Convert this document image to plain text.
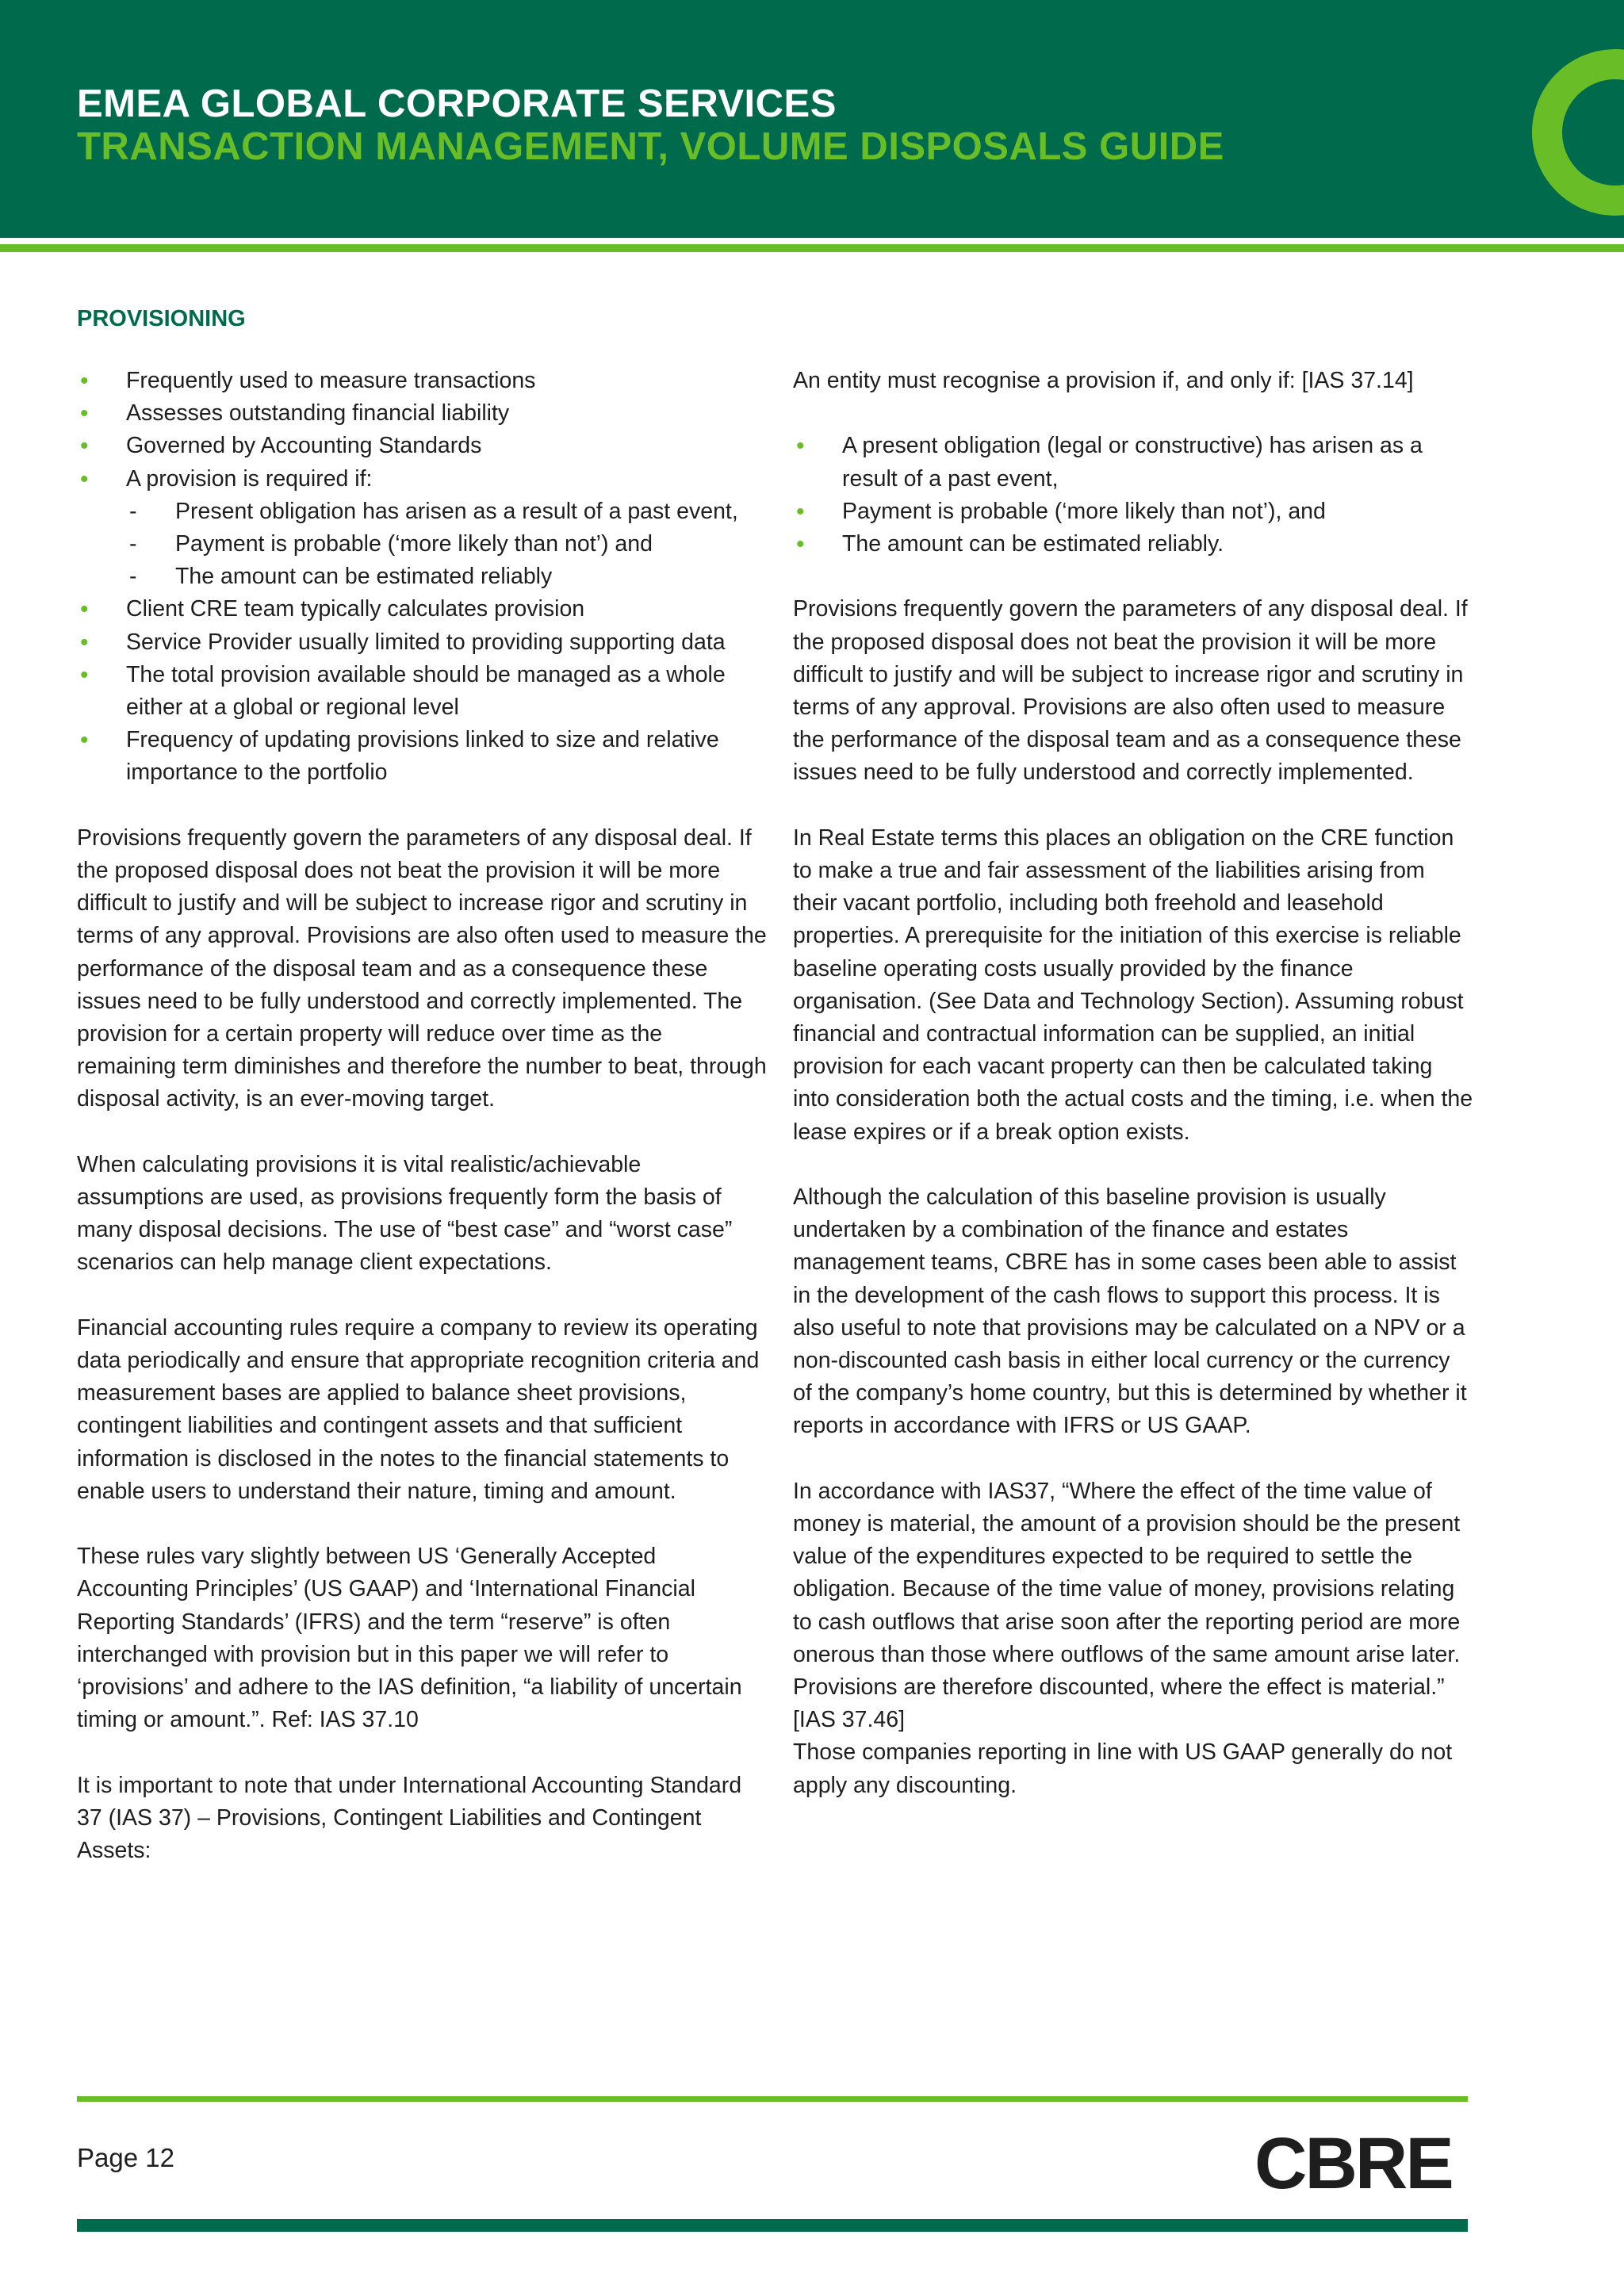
EMEA GLOBAL CORPORATE SERVICES
TRANSACTION MANAGEMENT, VOLUME DISPOSALS GUIDE
PROVISIONING
• Frequently used to measure transactions
• Assesses outstanding financial liability
• Governed by Accounting Standards
• A provision is required if:
- Present obligation has arisen as a result of a past event,
- Payment is probable (‘more likely than not’) and
- The amount can be estimated reliably
• Client CRE team typically calculates provision
• Service Provider usually limited to providing supporting data
• The total provision available should be managed as a whole either at a global or regional level
• Frequency of updating provisions linked to size and relative importance to the portfolio

Provisions frequently govern the parameters of any disposal deal. If the proposed disposal does not beat the provision it will be more difficult to justify and will be subject to increase rigor and scrutiny in terms of any approval. Provisions are also often used to measure the performance of the disposal team and as a consequence these issues need to be fully understood and correctly implemented. The provision for a certain property will reduce over time as the remaining term diminishes and therefore the number to beat, through disposal activity, is an ever-moving target.

When calculating provisions it is vital realistic/achievable assumptions are used, as provisions frequently form the basis of many disposal decisions. The use of “best case” and “worst case” scenarios can help manage client expectations.

Financial accounting rules require a company to review its operating data periodically and ensure that appropriate recognition criteria and measurement bases are applied to balance sheet provisions, contingent liabilities and contingent assets and that sufficient information is disclosed in the notes to the financial statements to enable users to understand their nature, timing and amount.

These rules vary slightly between US ‘Generally Accepted Accounting Principles’ (US GAAP) and ‘International Financial Reporting Standards’ (IFRS) and the term “reserve” is often interchanged with provision but in this paper we will refer to ‘provisions’ and adhere to the IAS definition, “a liability of uncertain timing or amount.”. Ref: IAS 37.10

It is important to note that under International Accounting Standard 37 (IAS 37) – Provisions, Contingent Liabilities and Contingent Assets:

An entity must recognise a provision if, and only if: [IAS 37.14]

• A present obligation (legal or constructive) has arisen as a result of a past event,
• Payment is probable (‘more likely than not’), and
• The amount can be estimated reliably.

Provisions frequently govern the parameters of any disposal deal. If the proposed disposal does not beat the provision it will be more difficult to justify and will be subject to increase rigor and scrutiny in terms of any approval. Provisions are also often used to measure the performance of the disposal team and as a consequence these issues need to be fully understood and correctly implemented.

In Real Estate terms this places an obligation on the CRE function to make a true and fair assessment of the liabilities arising from their vacant portfolio, including both freehold and leasehold properties. A prerequisite for the initiation of this exercise is reliable baseline operating costs usually provided by the finance organisation. (See Data and Technology Section). Assuming robust financial and contractual information can be supplied, an initial provision for each vacant property can then be calculated taking into consideration both the actual costs and the timing, i.e. when the lease expires or if a break option exists.

Although the calculation of this baseline provision is usually undertaken by a combination of the finance and estates management teams, CBRE has in some cases been able to assist in the development of the cash flows to support this process. It is also useful to note that provisions may be calculated on a NPV or a non-discounted cash basis in either local currency or the currency of the company’s home country, but this is determined by whether it reports in accordance with IFRS or US GAAP.

In accordance with IAS37, “Where the effect of the time value of money is material, the amount of a provision should be the present value of the expenditures expected to be required to settle the obligation. Because of the time value of money, provisions relating to cash outflows that arise soon after the reporting period are more onerous than those where outflows of the same amount arise later. Provisions are therefore discounted, where the effect is material.” [IAS 37.46]

Those companies reporting in line with US GAAP generally do not apply any discounting.

Page 12	CBRE
